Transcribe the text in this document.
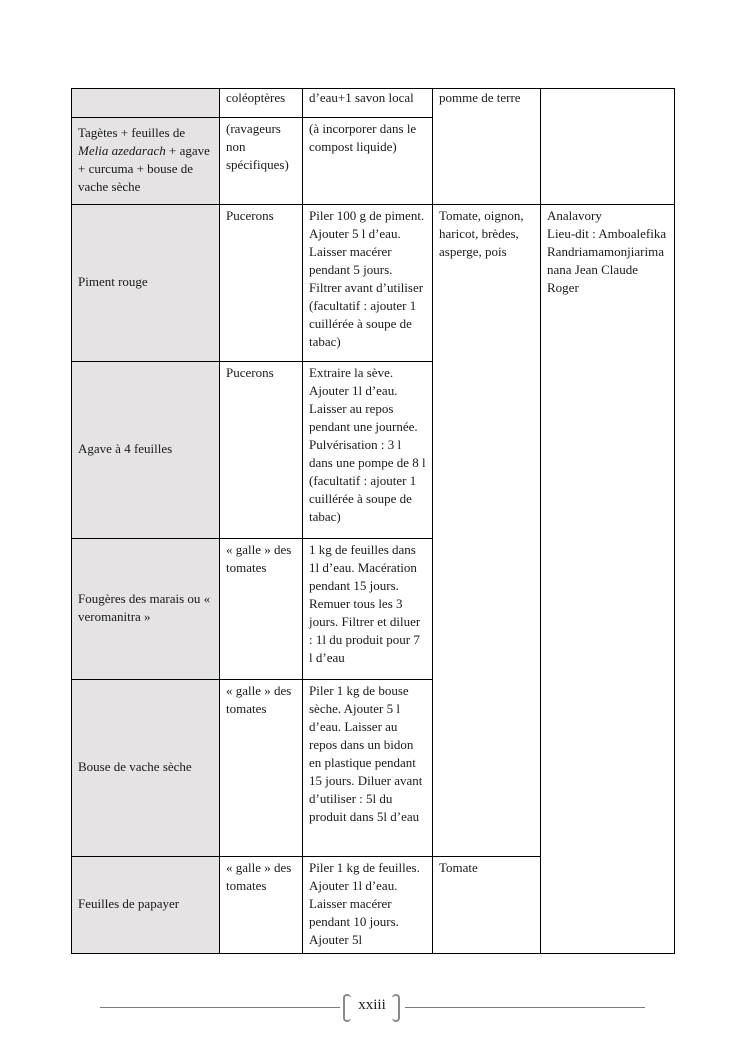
	coléoptères	d’eau+1 savon local	pomme de terre	
Tagètes + feuilles de Melia azedarach + agave + curcuma + bouse de vache sèche	(ravageurs non spécifiques)	(à incorporer dans le compost liquide)		
Piment rouge	Pucerons	Piler 100 g de piment. Ajouter 5 l d’eau. Laisser macérer pendant 5 jours. Filtrer avant d’utiliser (facultatif : ajouter 1 cuillérée à soupe de tabac)	Tomate, oignon, haricot, brèdes, asperge, pois	Analavory
Lieu-dit : Amboalefika
Randriamamonjiarimanana Jean Claude Roger

Agave à 4 feuilles	Pucerons	Extraire la sève. Ajouter 1l d’eau. Laisser au repos pendant une journée. Pulvérisation : 3 l dans une pompe de 8 l (facultatif : ajouter 1 cuillérée à soupe de tabac)		
Fougères des marais ou « veromanitra »	« galle » des tomates	1 kg de feuilles dans 1l d’eau. Macération pendant 15 jours. Remuer tous les 3 jours. Filtrer et diluer : 1l du produit pour 7 l d’eau		
Bouse de vache sèche	« galle » des tomates	Piler 1 kg de bouse sèche. Ajouter 5 l d’eau. Laisser au repos dans un bidon en plastique pendant 15 jours. Diluer avant d’utiliser : 5l du produit dans 5l d’eau		
Feuilles de papayer	« galle » des tomates	Piler 1 kg de feuilles. Ajouter 1l d’eau. Laisser macérer pendant 10 jours. Ajouter 5l	Tomate	
xxiii
